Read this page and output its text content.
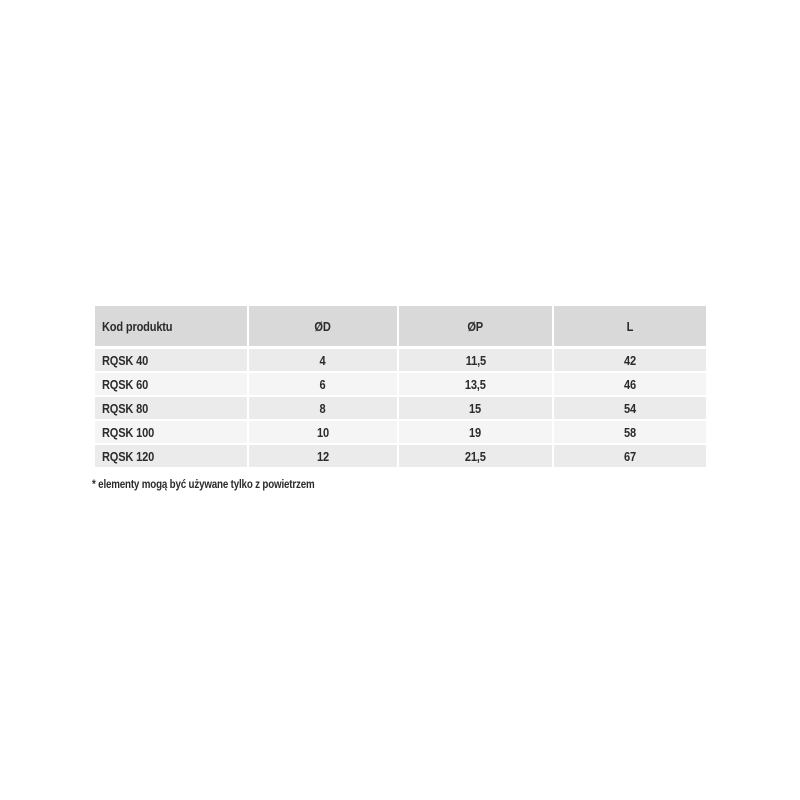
Kod produktu	ØD	ØP	L
RQSK 40	4	11,5	42
RQSK 60	6	13,5	46
RQSK 80	8	15	54
RQSK 100	10	19	58
RQSK 120	12	21,5	67
* elementy mogą być używane tylko z powietrzem
